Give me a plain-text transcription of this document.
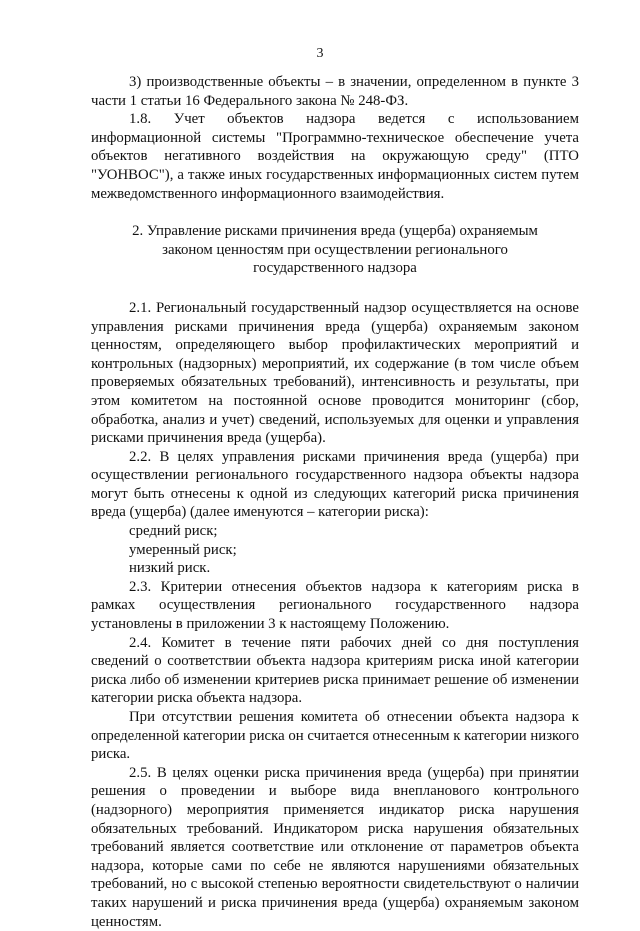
3

3) производственные объекты – в значении, определенном в пункте 3 части 1 статьи 16 Федерального закона № 248-ФЗ.

1.8. Учет объектов надзора ведется с использованием информационной системы "Программно-техническое обеспечение учета объектов негативного воздействия на окружающую среду" (ПТО "УОНВОС"), а также иных государственных информационных систем путем межведомственного информационного взаимодействия.

2. Управление рисками причинения вреда (ущерба) охраняемым
законом ценностям при осуществлении регионального
государственного надзора

2.1. Региональный государственный надзор осуществляется на основе управления рисками причинения вреда (ущерба) охраняемым законом ценностям, определяющего выбор профилактических мероприятий и контрольных (надзорных) мероприятий, их содержание (в том числе объем проверяемых обязательных требований), интенсивность и результаты, при этом комитетом на постоянной основе проводится мониторинг (сбор, обработка, анализ и учет) сведений, используемых для оценки и управления рисками причинения вреда (ущерба).

2.2. В целях управления рисками причинения вреда (ущерба) при осуществлении регионального государственного надзора объекты надзора могут быть отнесены к одной из следующих категорий риска причинения вреда (ущерба) (далее именуются – категории риска):

средний риск;

умеренный риск;

низкий риск.

2.3. Критерии отнесения объектов надзора к категориям риска в рамках осуществления регионального государственного надзора установлены в приложении 3 к настоящему Положению.

2.4. Комитет в течение пяти рабочих дней со дня поступления сведений о соответствии объекта надзора критериям риска иной категории риска либо об изменении критериев риска принимает решение об изменении категории риска объекта надзора.

При отсутствии решения комитета об отнесении объекта надзора к определенной категории риска он считается отнесенным к категории низкого риска.

2.5. В целях оценки риска причинения вреда (ущерба) при принятии решения о проведении и выборе вида внепланового контрольного (надзорного) мероприятия применяется индикатор риска нарушения обязательных требований. Индикатором риска нарушения обязательных требований является соответствие или отклонение от параметров объекта надзора, которые сами по себе не являются нарушениями обязательных требований, но с высокой степенью вероятности свидетельствуют о наличии таких нарушений и риска причинения вреда (ущерба) охраняемым законом ценностям.
